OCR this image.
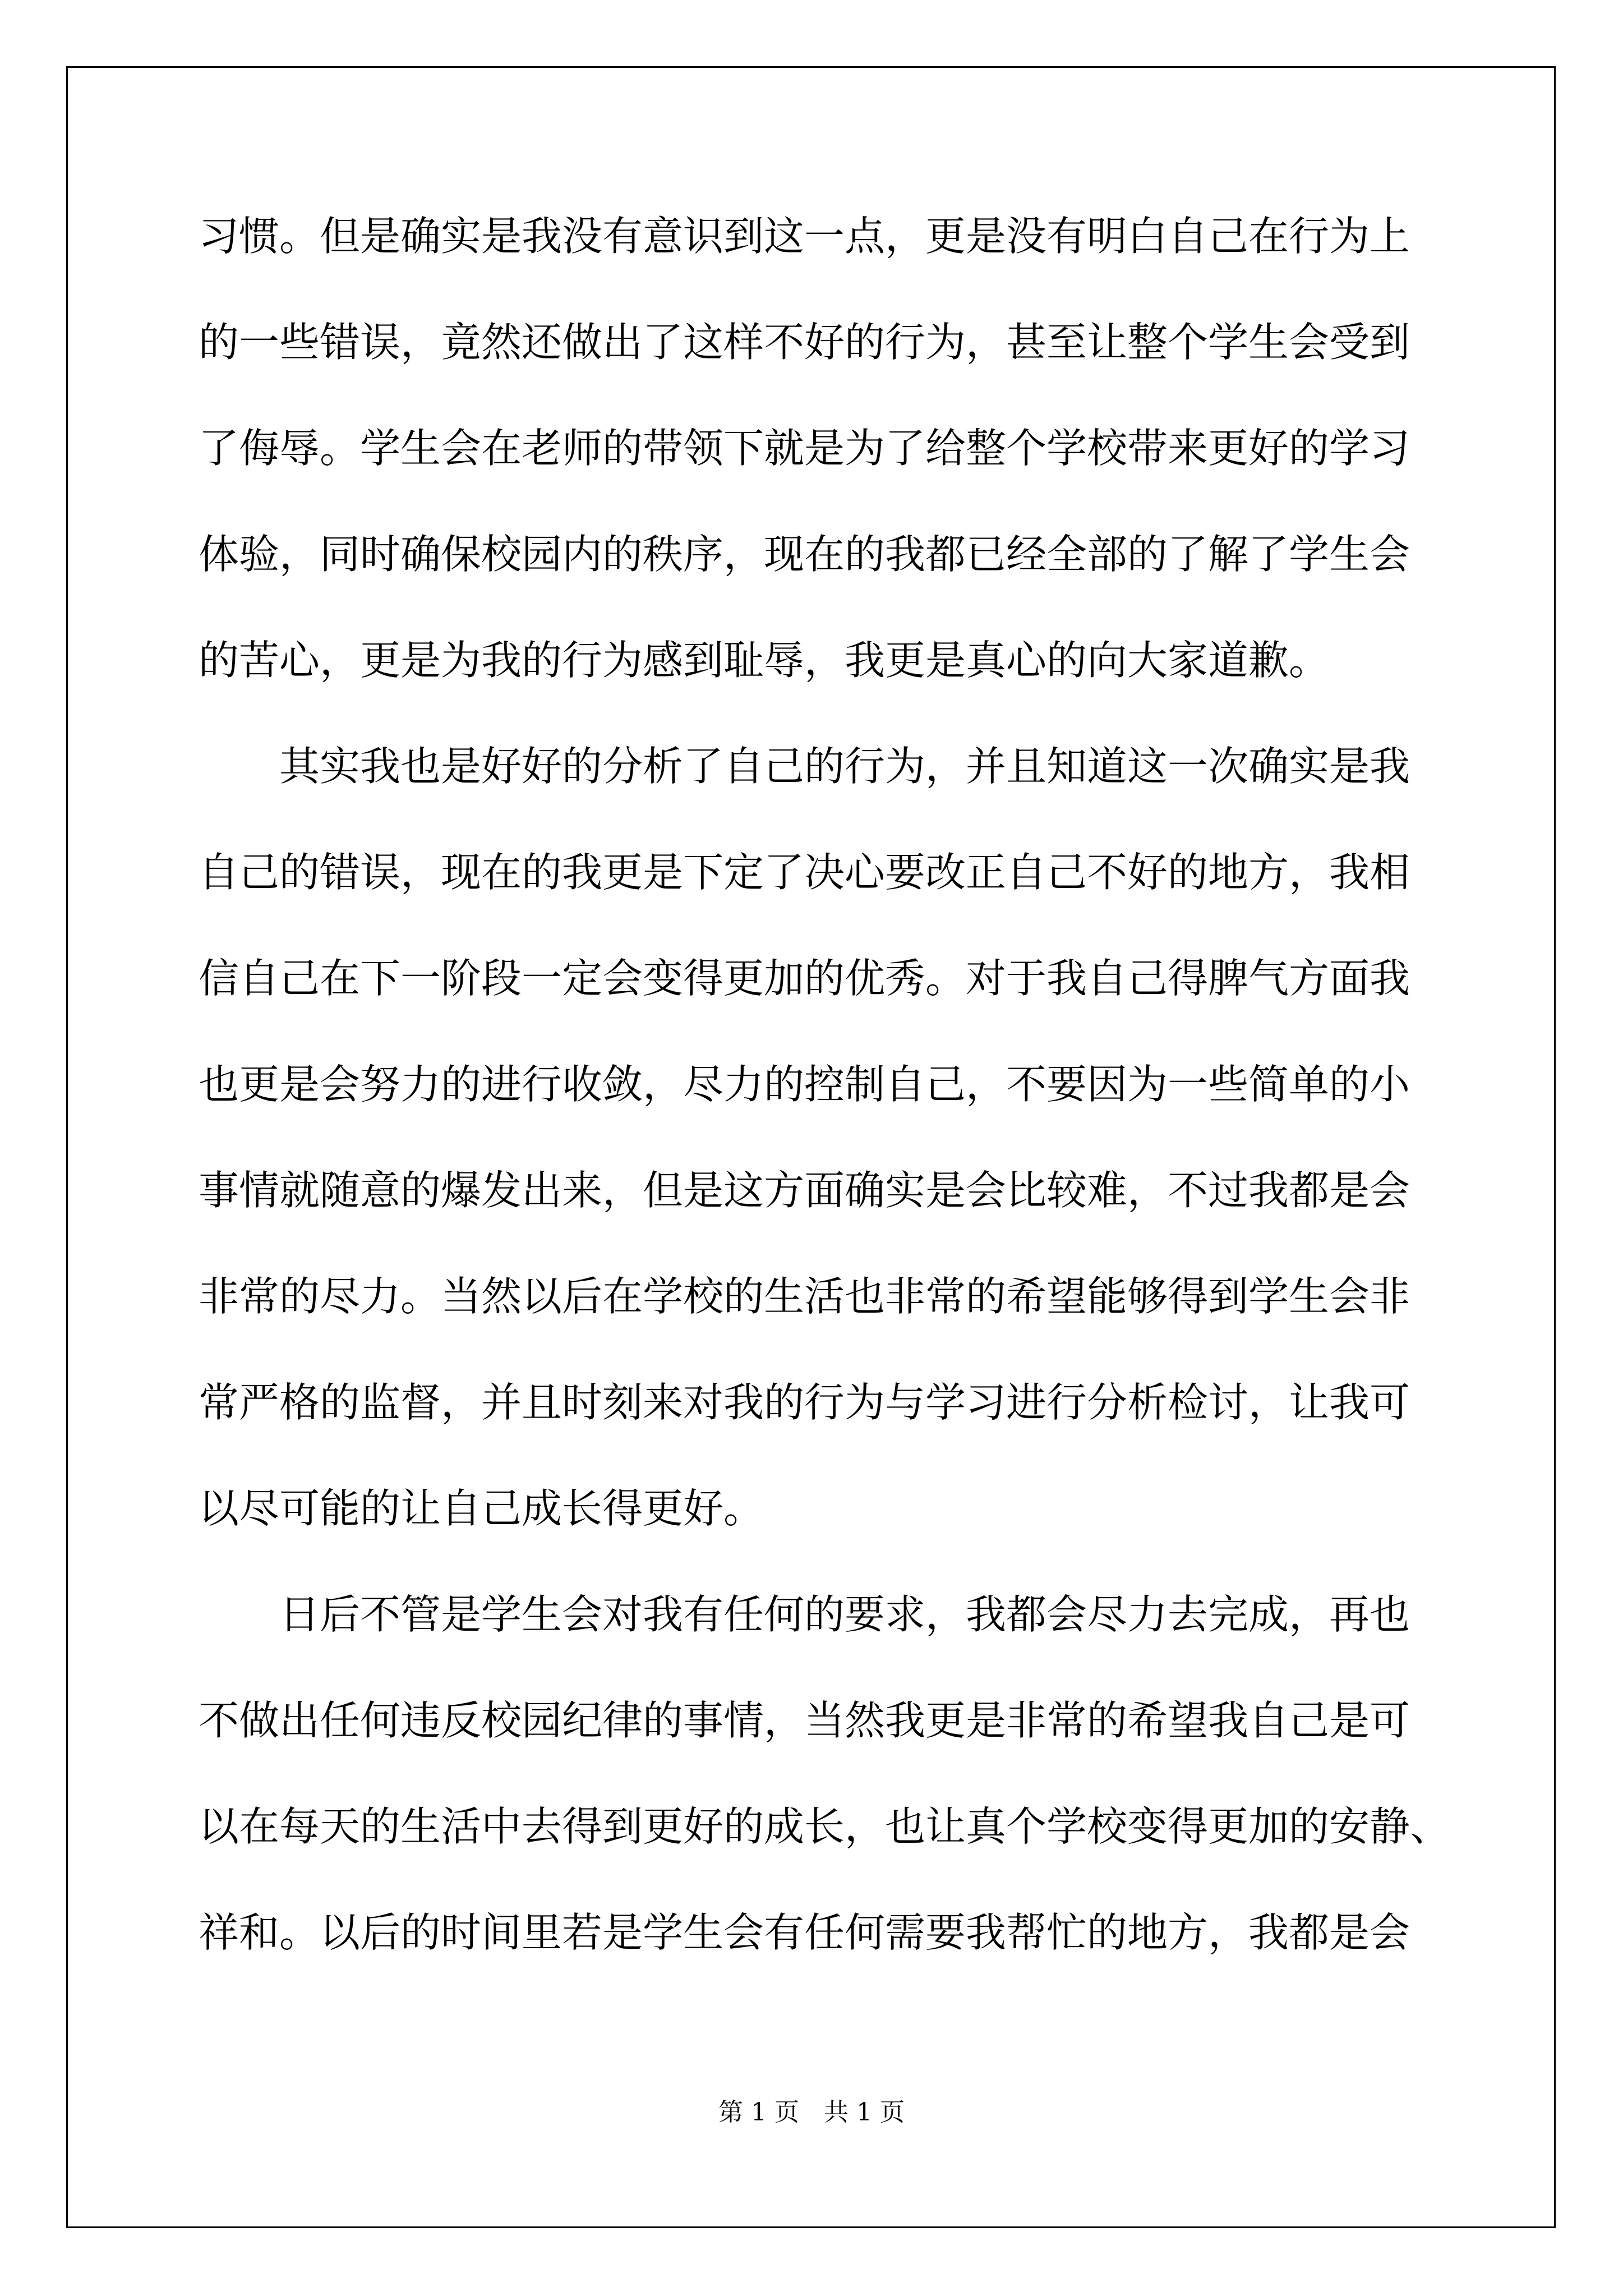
习惯。但是确实是我没有意识到这一点，更是没有明白自己在行为上
的一些错误，竟然还做出了这样不好的行为，甚至让整个学生会受到
了侮辱。学生会在老师的带领下就是为了给整个学校带来更好的学习
体验，同时确保校园内的秩序，现在的我都已经全部的了解了学生会
的苦心，更是为我的行为感到耻辱，我更是真心的向大家道歉。
　　其实我也是好好的分析了自己的行为，并且知道这一次确实是我
自己的错误，现在的我更是下定了决心要改正自己不好的地方，我相
信自己在下一阶段一定会变得更加的优秀。对于我自己得脾气方面我
也更是会努力的进行收敛，尽力的控制自己，不要因为一些简单的小
事情就随意的爆发出来，但是这方面确实是会比较难，不过我都是会
非常的尽力。当然以后在学校的生活也非常的希望能够得到学生会非
常严格的监督，并且时刻来对我的行为与学习进行分析检讨，让我可
以尽可能的让自己成长得更好。
　　日后不管是学生会对我有任何的要求，我都会尽力去完成，再也
不做出任何违反校园纪律的事情，当然我更是非常的希望我自己是可
以在每天的生活中去得到更好的成长，也让真个学校变得更加的安静、
祥和。以后的时间里若是学生会有任何需要我帮忙的地方，我都是会
第 1 页　共 1 页
